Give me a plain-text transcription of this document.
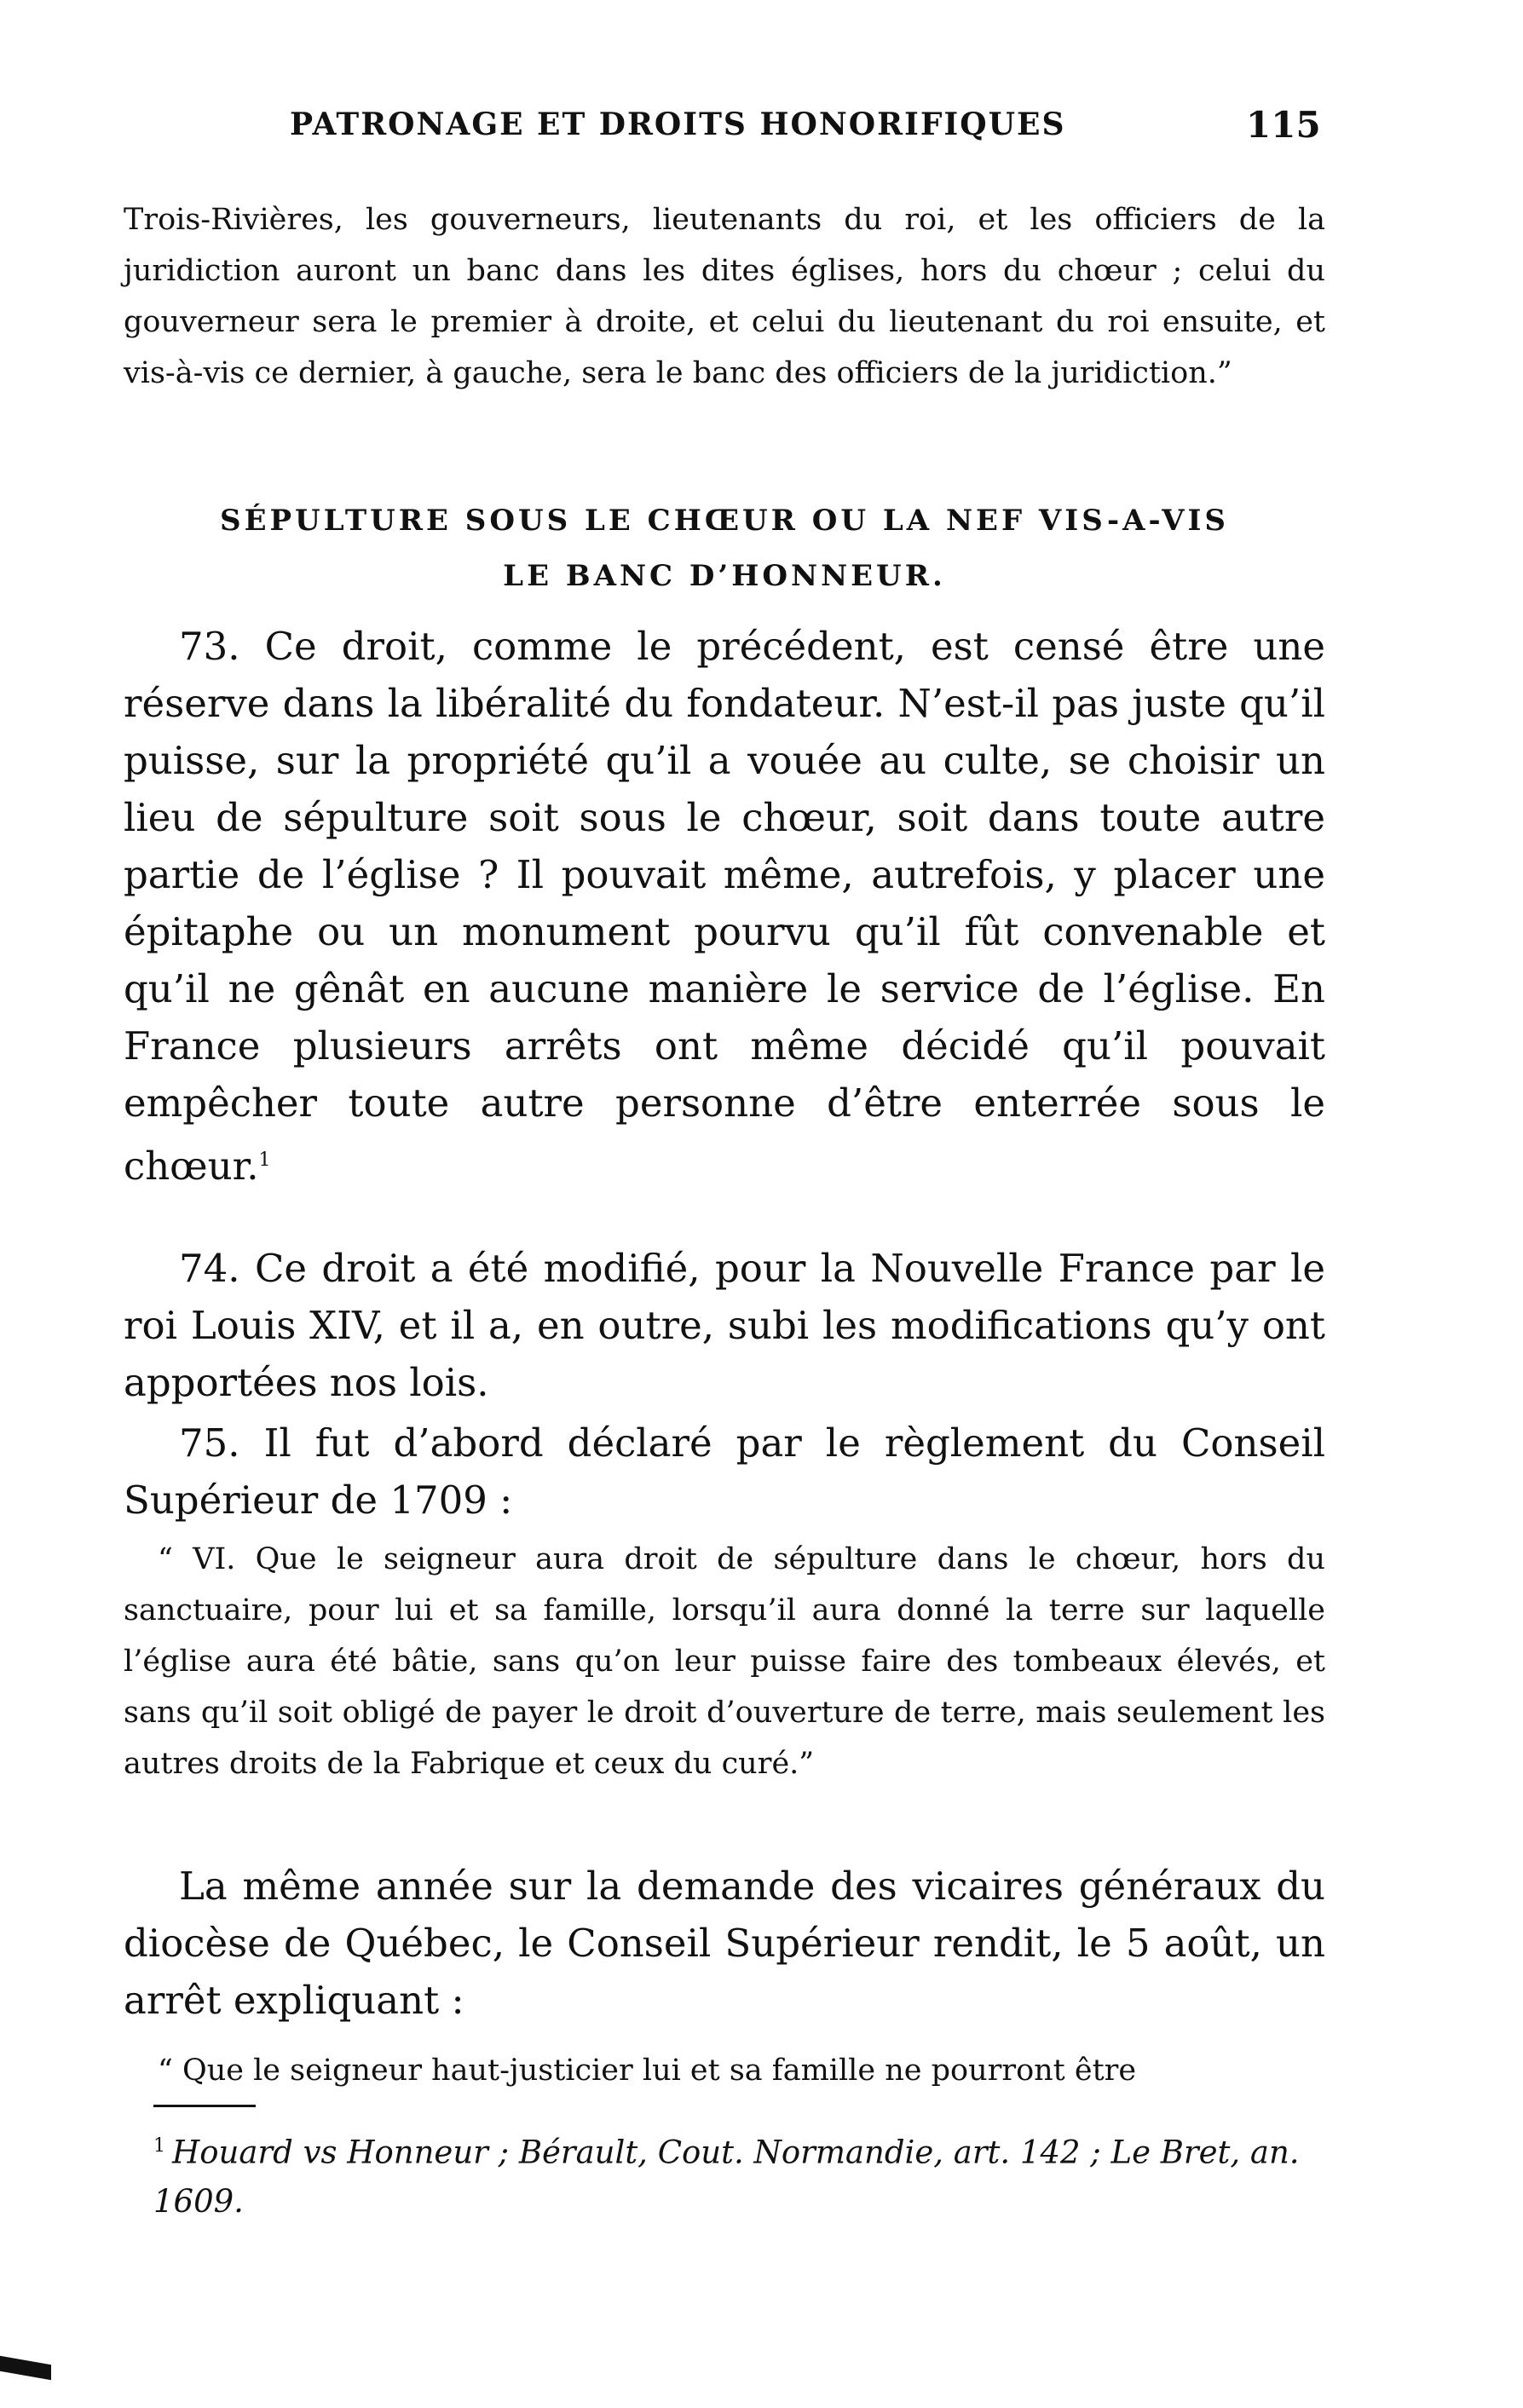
PATRONAGE ET DROITS HONORIFIQUES	115
Trois-Rivières, les gouverneurs, lieutenants du roi, et les officiers de la juridiction auront un banc dans les dites églises, hors du chœur ; celui du gouverneur sera le premier à droite, et celui du lieutenant du roi ensuite, et vis-à-vis ce dernier, à gauche, sera le banc des officiers de la juridiction.”
SÉPULTURE SOUS LE CHŒUR OU LA NEF VIS-A-VIS
LE BANC D’HONNEUR.
73. Ce droit, comme le précédent, est censé être une réserve dans la libéralité du fondateur. N’est-il pas juste qu’il puisse, sur la propriété qu’il a vouée au culte, se choisir un lieu de sépulture soit sous le chœur, soit dans toute autre partie de l’église ? Il pouvait même, autrefois, y placer une épitaphe ou un monument pourvu qu’il fût convenable et qu’il ne gênât en aucune manière le service de l’église. En France plusieurs arrêts ont même décidé qu’il pouvait empêcher toute autre personne d’être enterrée sous le chœur.$^1$
74. Ce droit a été modifié, pour la Nouvelle France par le roi Louis XIV, et il a, en outre, subi les modifications qu’y ont apportées nos lois.
75. Il fut d’abord déclaré par le règlement du Conseil Supérieur de 1709 :
“ VI. Que le seigneur aura droit de sépulture dans le chœur, hors du sanctuaire, pour lui et sa famille, lorsqu’il aura donné la terre sur laquelle l’église aura été bâtie, sans qu’on leur puisse faire des tombeaux élevés, et sans qu’il soit obligé de payer le droit d’ouverture de terre, mais seulement les autres droits de la Fabrique et ceux du curé.”
La même année sur la demande des vicaires généraux du diocèse de Québec, le Conseil Supérieur rendit, le 5 août, un arrêt expliquant :
“ Que le seigneur haut-justicier lui et sa famille ne pourront être
$^1$ Houard vs Honneur ; Bérault, Cout. Normandie, art. 142 ; Le Bret, an. 1609.
